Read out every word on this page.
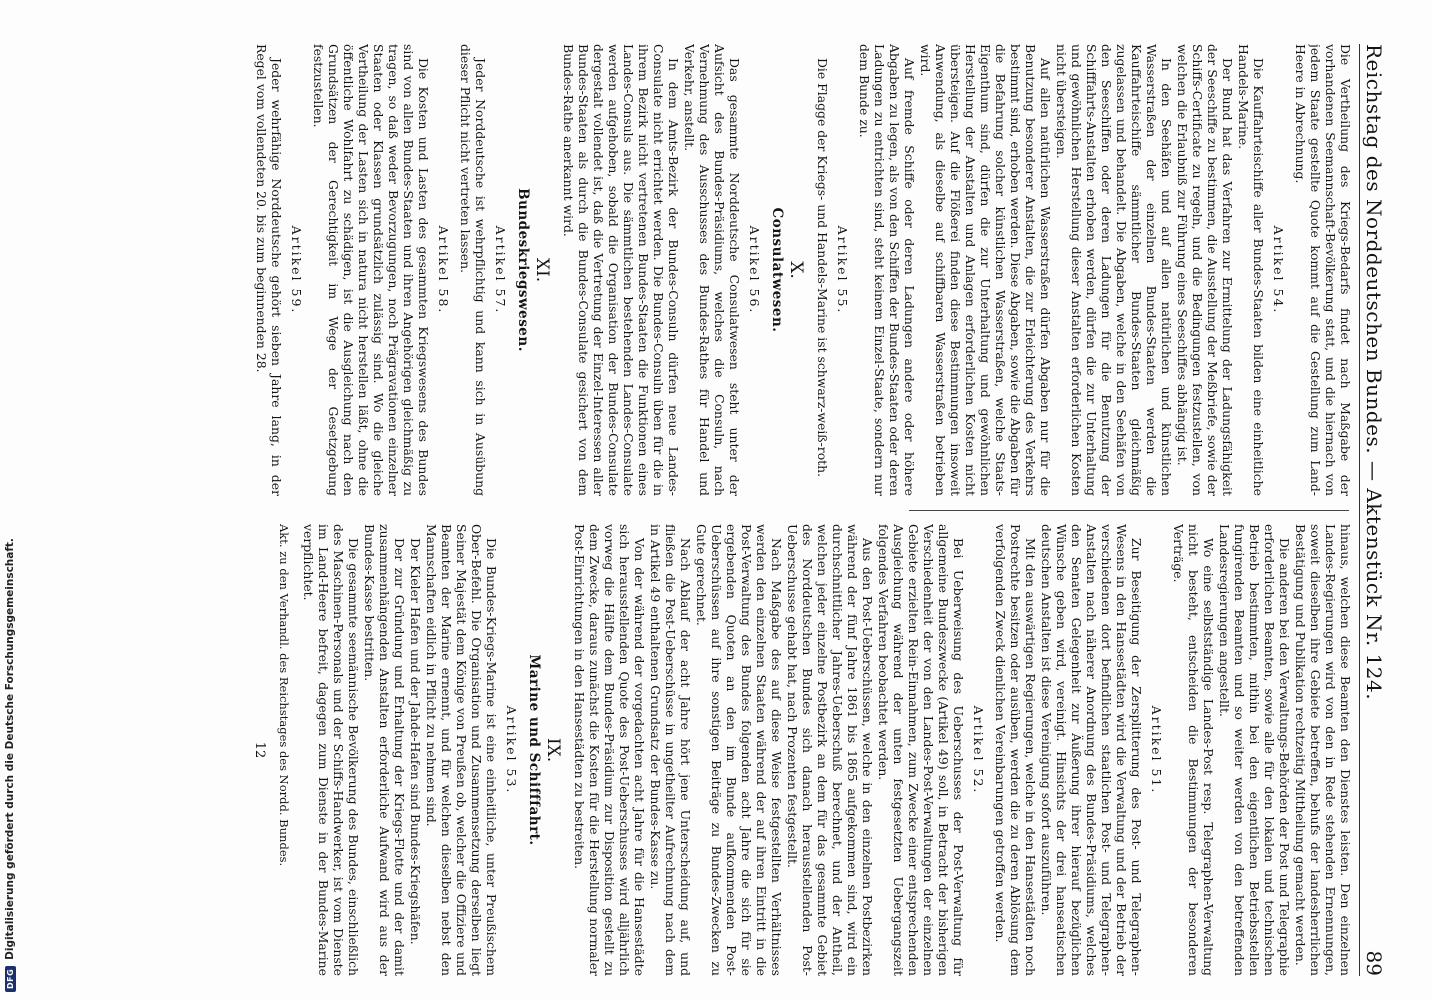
Reichstag des Norddeutschen Bundes. — Aktenstück Nr. 124.
89

Die Vertheilung des Kriegs-Bedarfs findet nach Maßgabe der vorhandenen Seemannschaft-Bevölkerung statt, und die hiernach von jedem Staate gestellte Quote kommt auf die Gestellung zum Land-Heere in Abrechnung.

Artikel 54.

Die Kauffahrteischiffe aller Bundes-Staaten bilden eine einheitliche Handels-Marine.

Der Bund hat das Verfahren zur Ermittelung der Ladungsfähigkeit der Seeschiffe zu bestimmen, die Ausstellung der Meßbriefe, sowie der Schiffs-Certificate zu regeln, und die Bedingungen festzustellen, von welchen die Erlaubniß zur Führung eines Seeschiffes abhängig ist.

In den Seehäfen und auf allen natürlichen und künstlichen Wasserstraßen der einzelnen Bundes-Staaten werden die Kauffahrteischiffe sämmtlicher Bundes-Staaten gleichmäßig zugelassen und behandelt. Die Abgaben, welche in den Seehäfen von den Seeschiffen oder deren Ladungen für die Benutzung der Schifffahrts-Anstalten erhoben werden, dürfen die zur Unterhaltung und gewöhnlichen Herstellung dieser Anstalten erforderlichen Kosten nicht übersteigen.

Auf allen natürlichen Wasserstraßen dürfen Abgaben nur für die Benutzung besonderer Anstalten, die zur Erleichterung des Verkehrs bestimmt sind, erhoben werden. Diese Abgaben, sowie die Abgaben für die Befahrung solcher künstlichen Wasserstraßen, welche Staats-Eigenthum sind, dürfen die zur Unterhaltung und gewöhnlichen Herstellung der Anstalten und Anlagen erforderlichen Kosten nicht übersteigen. Auf die Flößerei finden diese Bestimmungen insoweit Anwendung, als dieselbe auf schiffbaren Wasserstraßen betrieben wird.

Auf fremde Schiffe oder deren Ladungen andere oder höhere Abgaben zu legen, als von den Schiffen der Bundes-Staaten oder deren Ladungen zu entrichten sind, steht keinem Einzel-Staate, sondern nur dem Bunde zu.

Artikel 55.

Die Flagge der Kriegs- und Handels-Marine ist schwarz-weiß-roth.

X.
Consulatwesen.
Artikel 56.

Das gesammte Norddeutsche Consulatwesen steht unter der Aufsicht des Bundes-Präsidiums, welches die Consuln, nach Vernehmung des Ausschusses des Bundes-Rathes für Handel und Verkehr, anstellt.

In dem Amts-Bezirk der Bundes-Consuln dürfen neue Landes-Consulate nicht errichtet werden. Die Bundes-Consuln üben für die in ihrem Bezirk nicht vertretenen Bundes-Staaten die Funktionen eines Landes-Consuls aus. Die sämmtlichen bestehenden Landes-Consulate werden aufgehoben, sobald die Organisation der Bundes-Consulate dergestalt vollendet ist, daß die Vertretung der Einzel-Interessen aller Bundes-Staaten als durch die Bundes-Consulate gesichert von dem Bundes-Rathe anerkannt wird.

XI.
Bundeskriegswesen.
Artikel 57.

Jeder Norddeutsche ist wehrpflichtig und kann sich in Ausübung dieser Pflicht nicht vertreten lassen.

Artikel 58.

Die Kosten und Lasten des gesammten Kriegswesens des Bundes sind von allen Bundes-Staaten und ihren Angehörigen gleichmäßig zu tragen, so daß weder Bevorzugungen, noch Prägravationen einzelner Staaten oder Klassen grundsätzlich zulässig sind. Wo die gleiche Vertheilung der Lasten sich in natura nicht herstellen läßt, ohne die öffentliche Wohlfahrt zu schädigen, ist die Ausgleichung nach den Grundsätzen der Gerechtigkeit im Wege der Gesetzgebung festzustellen.

Artikel 59.

Jeder wehrfähige Norddeutsche gehört sieben Jahre lang, in der Regel vom vollendeten 20. bis zum beginnenden 28.

hinaus, welchen diese Beamten den Dienstes leisten. Den einzelnen Landes-Regierungen wird von den in Rede stehenden Ernennungen, soweit dieselben ihre Gebiete betreffen, behufs der landesherrlichen Bestätigung und Publikation rechtzeitig Mittheilung gemacht werden.

Die anderen bei den Verwaltungs-Behörden der Post und Telegraphie erforderlichen Beamten, sowie alle für den lokalen und technischen Betrieb bestimmten, mithin bei den eigentlichen Betriebsstellen fungirenden Beamten und so weiter werden von den betreffenden Landesregierungen angestellt.

Wo eine selbstständige Landes-Post resp. Telegraphen-Verwaltung nicht besteht, entscheiden die Bestimmungen der besonderen Verträge.

Artikel 51.

Zur Beseitigung der Zersplitterung des Post- und Telegraphen-Wesens in den Hansestädten wird die Verwaltung und der Betrieb der verschiedenen dort befindlichen staatlichen Post- und Telegraphen-Anstalten nach näherer Anordnung des Bundes-Präsidiums, welches den Senaten Gelegenheit zur Äußerung ihrer hierauf bezüglichen Wünsche geben wird, vereinigt. Hinsichts der drei hanseatischen deutschen Anstalten ist diese Vereinigung sofort auszuführen.

Mit den auswärtigen Regierungen, welche in den Hansestädten noch Postrechte besitzen oder ausüben, werden die zu deren Ablösung dem verfolgenden Zweck dienlichen Vereinbarungen getroffen werden.

Artikel 52.

Bei Ueberweisung des Ueberschusses der Post-Verwaltung für allgemeine Bundeszwecke (Artikel 49) soll, in Betracht der bisherigen Verschiedenheit der von den Landes-Post-Verwaltungen der einzelnen Gebiete erzielten Rein-Einnahmen, zum Zwecke einer entsprechenden Ausgleichung während der unten festgesetzten Uebergangszeit folgendes Verfahren beobachtet werden.

Aus den Post-Ueberschüssen, welche in den einzelnen Postbezirken während der fünf Jahre 1861 bis 1865 aufgekommen sind, wird ein durchschnittlicher Jahres-Ueberschuß berechnet, und der Antheil, welchen jeder einzelne Postbezirk an dem für das gesammte Gebiet des Norddeutschen Bundes sich danach herausstellenden Post-Ueberschusse gehabt hat, nach Prozenten festgestellt.

Nach Maßgabe des auf diese Weise festgestellten Verhältnisses werden den einzelnen Staaten während der auf ihren Eintritt in die Post-Verwaltung des Bundes folgenden acht Jahre die sich für sie ergebenden Quoten an den im Bunde aufkommenden Post-Ueberschüssen auf ihre sonstigen Beiträge zu Bundes-Zwecken zu Gute gerechnet.

Nach Ablauf der acht Jahre hört jene Unterscheidung auf, und fließen die Post-Ueberschüsse in ungetheilter Aufrechnung nach dem in Artikel 49 enthaltenen Grundsatz der Bundes-Kasse zu.

Von der während der vorgedachten acht Jahre für die Hansestädte sich herausstellenden Quote des Post-Ueberschusses wird alljährlich vorweg die Hälfte dem Bundes-Präsidium zur Disposition gestellt zu dem Zwecke, daraus zunächst die Kosten für die Herstellung normaler Post-Einrichtungen in den Hansestädten zu bestreiten.

IX.
Marine und Schifffahrt.
Artikel 53.

Die Bundes-Kriegs-Marine ist eine einheitliche, unter Preußischem Ober-Befehl. Die Organisation und Zusammensetzung derselben liegt Seiner Majestät dem Könige von Preußen ob, welcher die Offiziere und Beamten der Marine ernennt, und für welchen dieselben nebst den Mannschaften eidlich in Pflicht zu nehmen sind.

Der Kieler Hafen und der Jahde-Hafen sind Bundes-Kriegshäfen.

Der zur Gründung und Erhaltung der Kriegs-Flotte und der damit zusammenhängenden Anstalten erforderliche Aufwand wird aus der Bundes-Kasse bestritten.

Die gesammte seemännische Bevölkerung des Bundes, einschließlich des Maschinen-Personals und der Schiffs-Handwerker, ist vom Dienste im Land-Heere befreit, dagegen zum Dienste in der Bundes-Marine verpflichtet.

Akt. zu den Verhandl. des Reichstages des Nordd. Bundes.
12
DFG
Digitalisierung gefördert durch die Deutsche Forschungsgemeinschaft.
